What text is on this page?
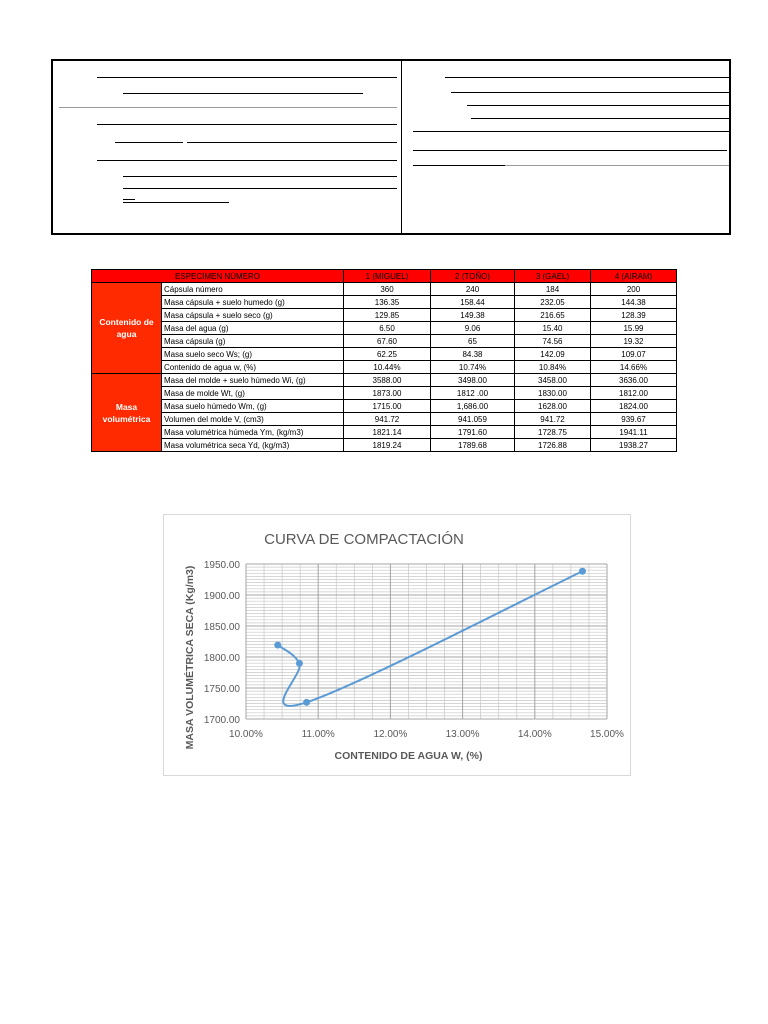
ESPECIMEN NÚMERO		1 (MIGUEL)	2 (TOÑO)	3 (GAEL)	4 (AIRAM)
Contenido de agua	Cápsula número	360	240	184	200
	Masa cápsula + suelo humedo (g)	136.35	158.44	232.05	144.38
	Masa cápsula + suelo seco (g)	129.85	149.38	216.65	128.39
	Masa del agua (g)	6.50	9.06	15.40	15.99
	Masa cápsula (g)	67.60	65	74.56	19.32
	Masa suelo seco Ws; (g)	62.25	84.38	142.09	109.07
	Contenido de agua w, (%)	10.44%	10.74%	10.84%	14.66%
Masa volumétrica	Masa del molde + suelo húmedo Wi, (g)	3588.00	3498.00	3458.00	3636.00
	Masa de molde Wt, (g)	1873.00	1812 .00	1830.00	1812.00
	Masa suelo húmedo Wm, (g)	1715.00	1,686.00	1628.00	1824.00
	Volumen del molde V, (cm3)	941.72	941.059	941.72	939.67
	Masa volumétrica húmeda Ym, (kg/m3)	1821.14	1791.60	1728.75	1941.11
	Masa volumétrica seca Yd, (kg/m3)	1819.24	1789.68	1726.88	1938.27
CURVA DE COMPACTACIÓN
10.00%	11.00%	12.00%	13.00%	14.00%	15.00%
1700.00
1750.00
1800.00
1850.00
1900.00
1950.00
CONTENIDO DE AGUA W, (%)
MASA VOLUMÉTRICA SECA (Kg/m3)
